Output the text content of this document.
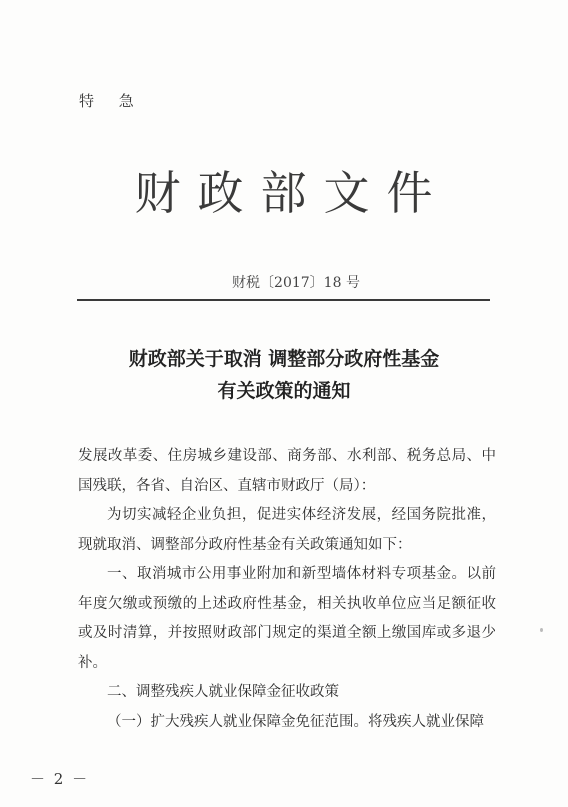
特 急
财政部文件
财税〔2017〕18 号
财政部关于取消 调整部分政府性基金
有关政策的通知

发展改革委、住房城乡建设部、商务部、水利部、税务总局、中国残联，各省、自治区、直辖市财政厅（局）：

为切实减轻企业负担，促进实体经济发展，经国务院批准，现就取消、调整部分政府性基金有关政策通知如下：

一、取消城市公用事业附加和新型墙体材料专项基金。以前年度欠缴或预缴的上述政府性基金，相关执收单位应当足额征收或及时清算，并按照财政部门规定的渠道全额上缴国库或多退少补。

二、调整残疾人就业保障金征收政策

（一）扩大残疾人就业保障金免征范围。将残疾人就业保障

－ 2 －
